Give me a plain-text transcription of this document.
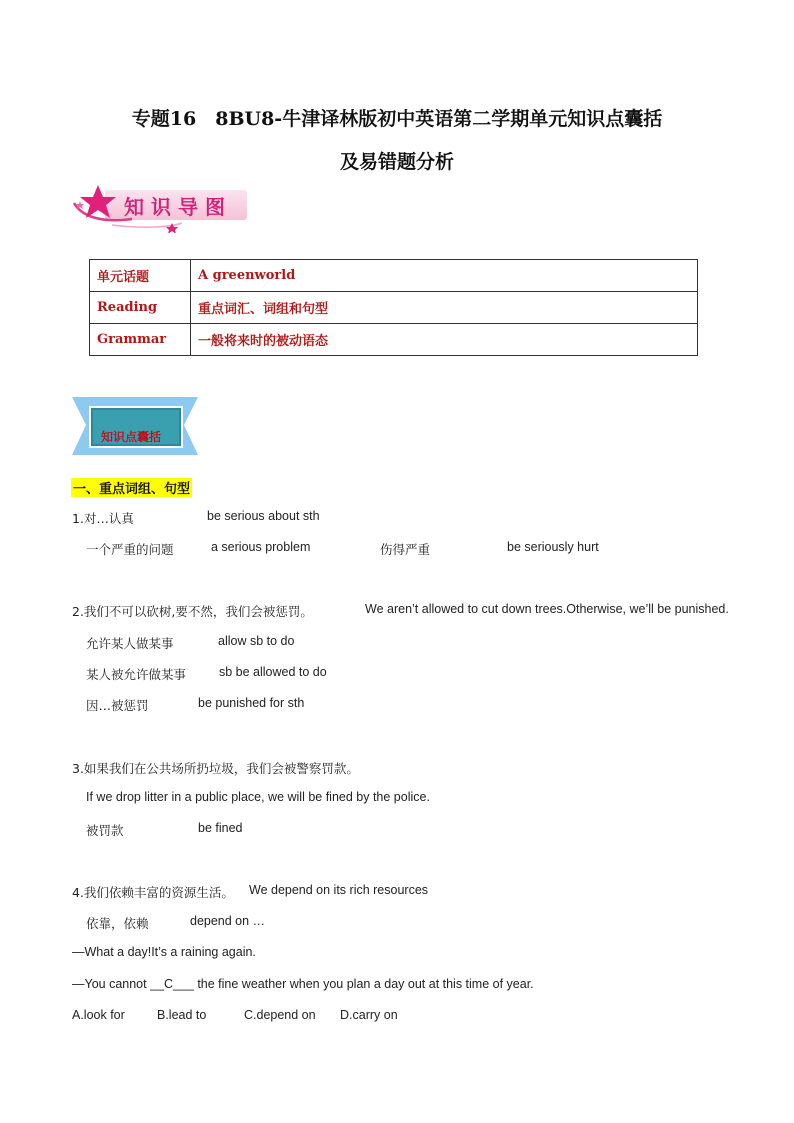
专题16　8BU8-牛津译林版初中英语第二学期单元知识点囊括
及易错题分析
知识导图
单元话题	A greenworld
Reading	重点词汇、词组和句型
Grammar	一般将来时的被动语态
知识点囊括
一、重点词组、句型
1.对…认真	be serious about sth
一个严重的问题	a serious problem	伤得严重	be seriously hurt
2.我们不可以砍树,要不然，我们会被惩罚。	We aren’t allowed to cut down trees.Otherwise, we’ll be punished.
允许某人做某事	allow sb to do
某人被允许做某事	sb be allowed to do
因…被惩罚	be punished for sth
3.如果我们在公共场所扔垃圾，我们会被警察罚款。
If we drop litter in a public place, we will be fined by the police.
被罚款	be fined
4.我们依赖丰富的资源生活。 We depend on its rich resources
依靠，依赖	depend on …
—What a day!It’s a raining again.
—You cannot __C___ the fine weather when you plan a day out at this time of year.
A.look for	B.lead to	C.depend on D.carry on
